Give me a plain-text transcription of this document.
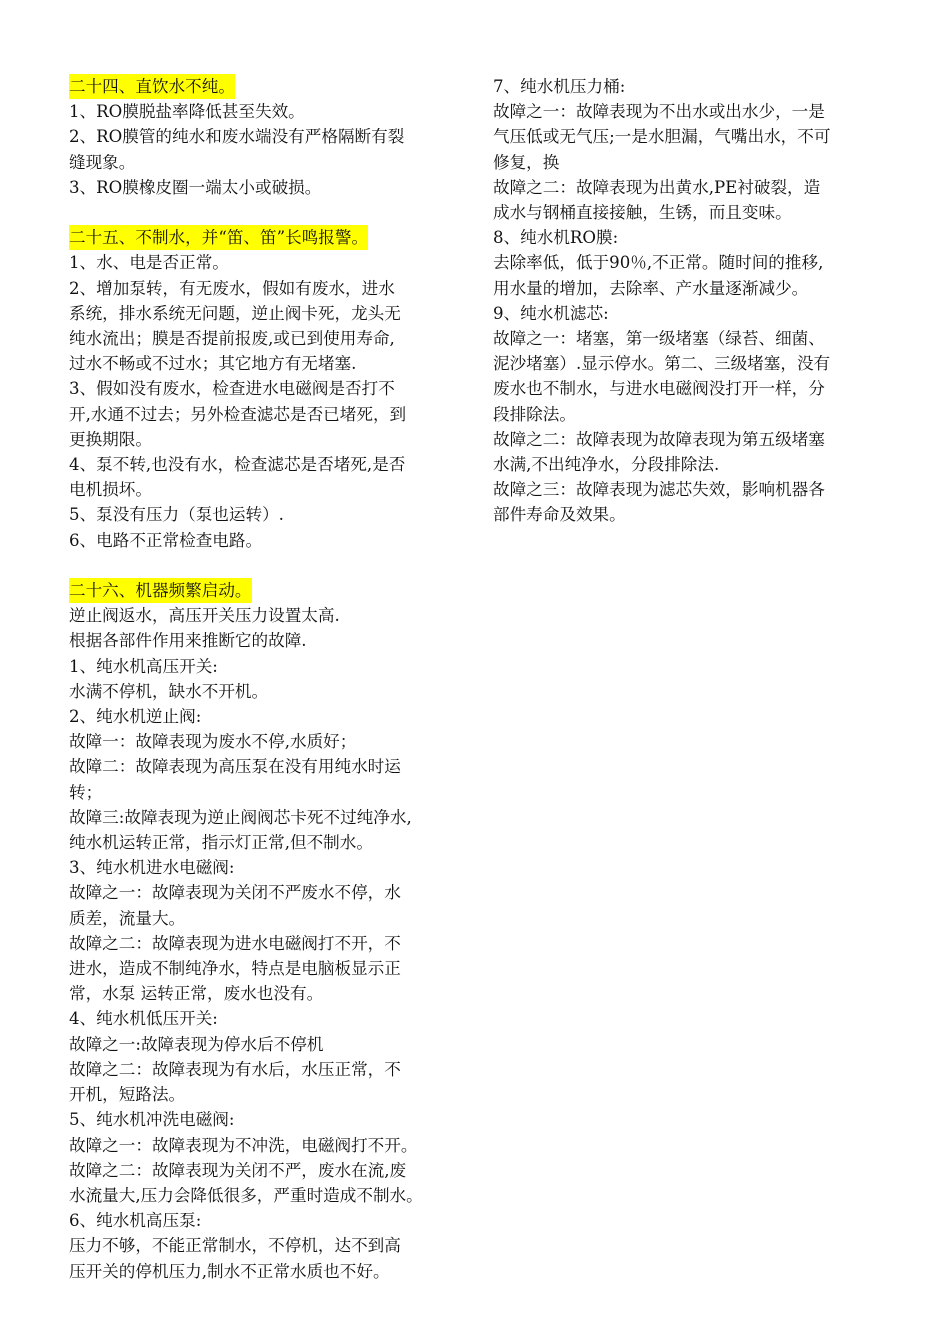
二十四、直饮水不纯。

1、RO膜脱盐率降低甚至失效。

2、RO膜管的纯水和废水端没有严格隔断有裂

缝现象。

3、RO膜橡皮圈一端太小或破损。

二十五、不制水，并“笛、笛”长鸣报警。

1、水、电是否正常。

2、增加泵转，有无废水，假如有废水，进水

系统，排水系统无问题，逆止阀卡死，龙头无

纯水流出；膜是否提前报废,或已到使用寿命,

过水不畅或不过水；其它地方有无堵塞.

3、假如没有废水，检查进水电磁阀是否打不

开,水通不过去；另外检查滤芯是否已堵死，到

更换期限。

4、泵不转,也没有水，检查滤芯是否堵死,是否

电机损坏。

5、泵没有压力（泵也运转）.

6、电路不正常检查电路。

二十六、机器频繁启动。

逆止阀返水，高压开关压力设置太高.

根据各部件作用来推断它的故障.

1、纯水机高压开关:

水满不停机，缺水不开机。

2、纯水机逆止阀:

故障一：故障表现为废水不停,水质好；

故障二：故障表现为高压泵在没有用纯水时运

转；

故障三:故障表现为逆止阀阀芯卡死不过纯净水,

纯水机运转正常，指示灯正常,但不制水。

3、纯水机进水电磁阀:

故障之一：故障表现为关闭不严废水不停，水

质差，流量大。

故障之二：故障表现为进水电磁阀打不开，不

进水，造成不制纯净水，特点是电脑板显示正

常，水泵 运转正常，废水也没有。

4、纯水机低压开关:

故障之一:故障表现为停水后不停机

故障之二：故障表现为有水后，水压正常，不

开机，短路法。

5、纯水机冲洗电磁阀:

故障之一：故障表现为不冲洗，电磁阀打不开。

故障之二：故障表现为关闭不严，废水在流,废

水流量大,压力会降低很多，严重时造成不制水。

6、纯水机高压泵:

压力不够，不能正常制水，不停机，达不到高

压开关的停机压力,制水不正常水质也不好。

7、纯水机压力桶:

故障之一：故障表现为不出水或出水少，一是

气压低或无气压;一是水胆漏，气嘴出水，不可

修复，换

故障之二：故障表现为出黄水,PE衬破裂，造

成水与钢桶直接接触，生锈，而且变味。

8、纯水机RO膜:

去除率低，低于90％,不正常。随时间的推移,

用水量的增加，去除率、产水量逐渐减少。

9、纯水机滤芯:

故障之一：堵塞，第一级堵塞（绿苔、细菌、

泥沙堵塞）.显示停水。第二、三级堵塞，没有

废水也不制水，与进水电磁阀没打开一样，分

段排除法。

故障之二：故障表现为故障表现为第五级堵塞

水满,不出纯净水，分段排除法.

故障之三：故障表现为滤芯失效，影响机器各

部件寿命及效果。
